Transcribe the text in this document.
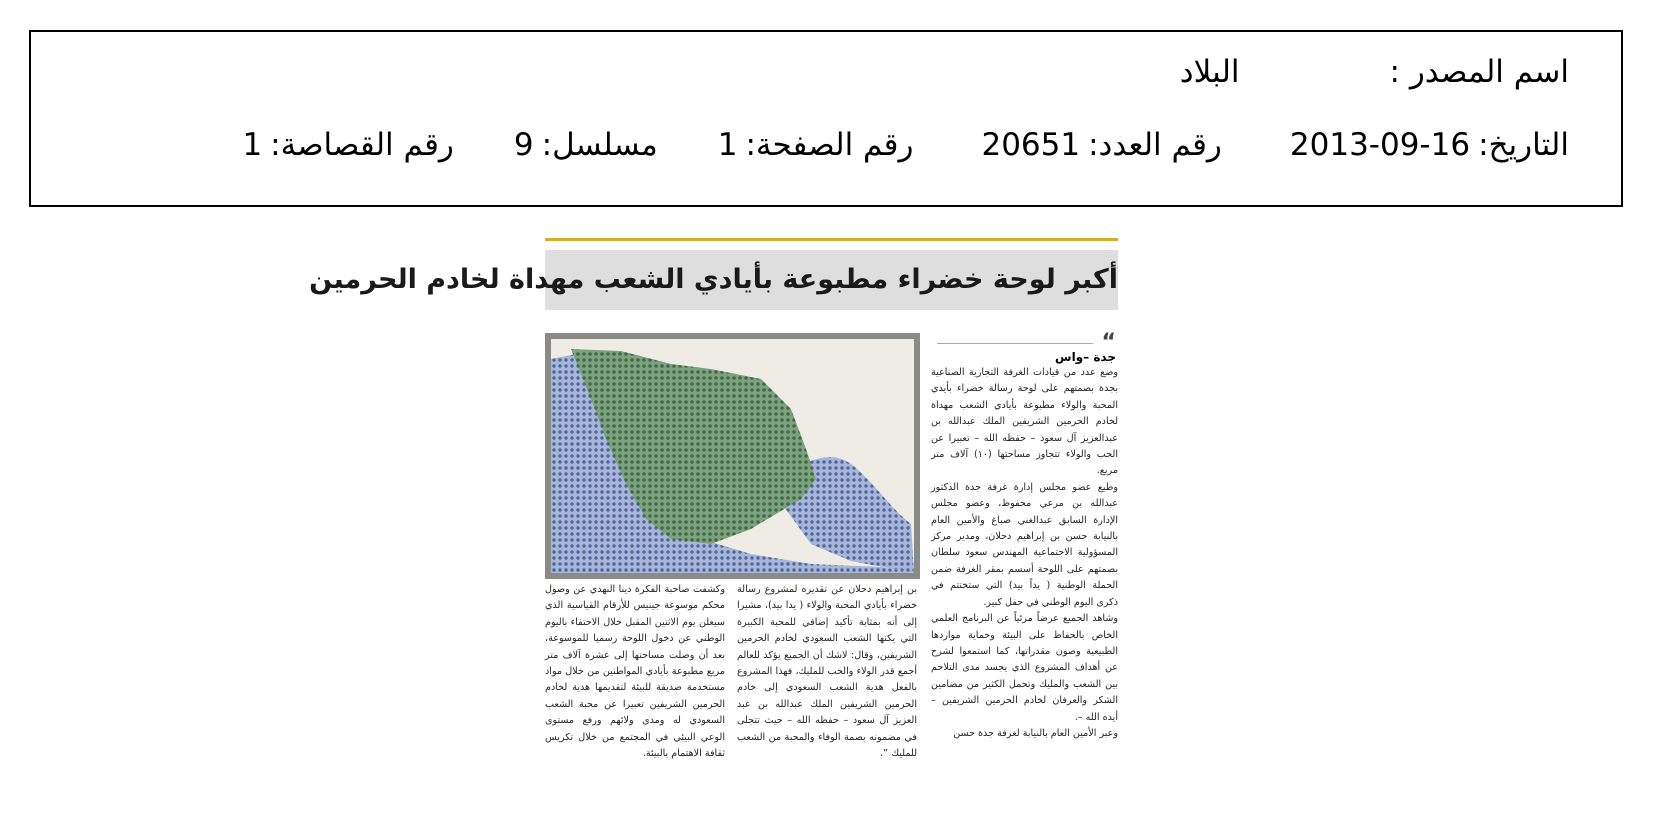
اسم المصدر :البلاد
التاريخ:2013-09-16رقم العدد:20651رقم الصفحة:1مسلسل:9رقم القصاصة:1
أكبر لوحة خضراء مطبوعة بأيادي الشعب مهداة لخادم الحرمين
“
جدة –واس

وضع عدد من قيادات الغرفة التجارية الصناعية بجدة بصمتهم على لوحة رسالة خضراء بأيدي المحبة والولاء مطبوعة بأيادي الشعب مهداة لخادم الحرمين الشريفين الملك عبدالله بن عبدالعزيز آل سعود – حفظه الله – تعبيرا عن الحب والولاء تتجاوز مساحتها (١٠) آلاف متر مربع.

وطبع عضو مجلس إدارة غرفة جدة الدكتور عبدالله بن مرعي محفوظ، وعضو مجلس الإدارة السابق عبدالغني صباغ والأمين العام بالنيابة حسن بن إبراهيم دحلان، ومدير مركز المسؤولية الاجتماعية المهندس سعود سلطان بصمتهم على اللوحة أسسم بمقر الغرفة ضمن الحملة الوطنية ( يداً بيد) التي ستختتم في ذكرى اليوم الوطني في حفل كبير.

وشاهد الجميع عرضاً مرئياً عن البرنامج العلمي الخاص بالحفاظ على البيئة وحماية مواردها الطبيعية وصون مقدراتها، كما استمعوا لشرح عن أهداف المشروع الذي يجسد مدى التلاحم بين الشعب والمليك وتحمل الكثير من مضامين الشكر والعرفان لخادم الحرمين الشريفين – أيده الله –.

وعبر الأمين العام بالنيابة لغرفة جدة حسن

بن إبراهيم دحلان عن تقديره لمشروع رسالة خضراء بأيادي المحبة والولاء ( يدا بيد)، مشيرا إلى أنه بمثابة تأكيد إضافي للمحبة الكبيرة التي يكنها الشعب السعودي لخادم الحرمين الشريفين، وقال: لاشك أن الجميع يؤكد للعالم أجمع قدر الولاء والحب للمليك، فهذا المشروع بالفعل هدية الشعب السعودي إلى خادم الحرمين الشريفين الملك عبدالله بن عبد العزيز آل سعود – حفظه الله – حيث تتجلى في مضمونه بصمة الوفاء والمحبة من الشعب للمليك ”.

وكشفت صاحبة الفكرة دينا النهدي عن وصول محكم موسوعة جينيس للأرقام القياسية الذي سيعلن يوم الاثنين المقبل خلال الاحتفاء باليوم الوطني عن دخول اللوحة رسميا للموسوعة، بعد أن وصلت مساحتها إلى عشرة آلاف متر مربع مطبوعة بأيادي المواطنين من خلال مواد مستخدمة صديقة للبيئة لتقديمها هدية لخادم الحرمين الشريفين تعبيرا عن محبة الشعب السعودي له ومدى ولائهم ورفع مستوى الوعي البيئي في المجتمع من خلال تكريس ثقافة الاهتمام بالبيئة.
